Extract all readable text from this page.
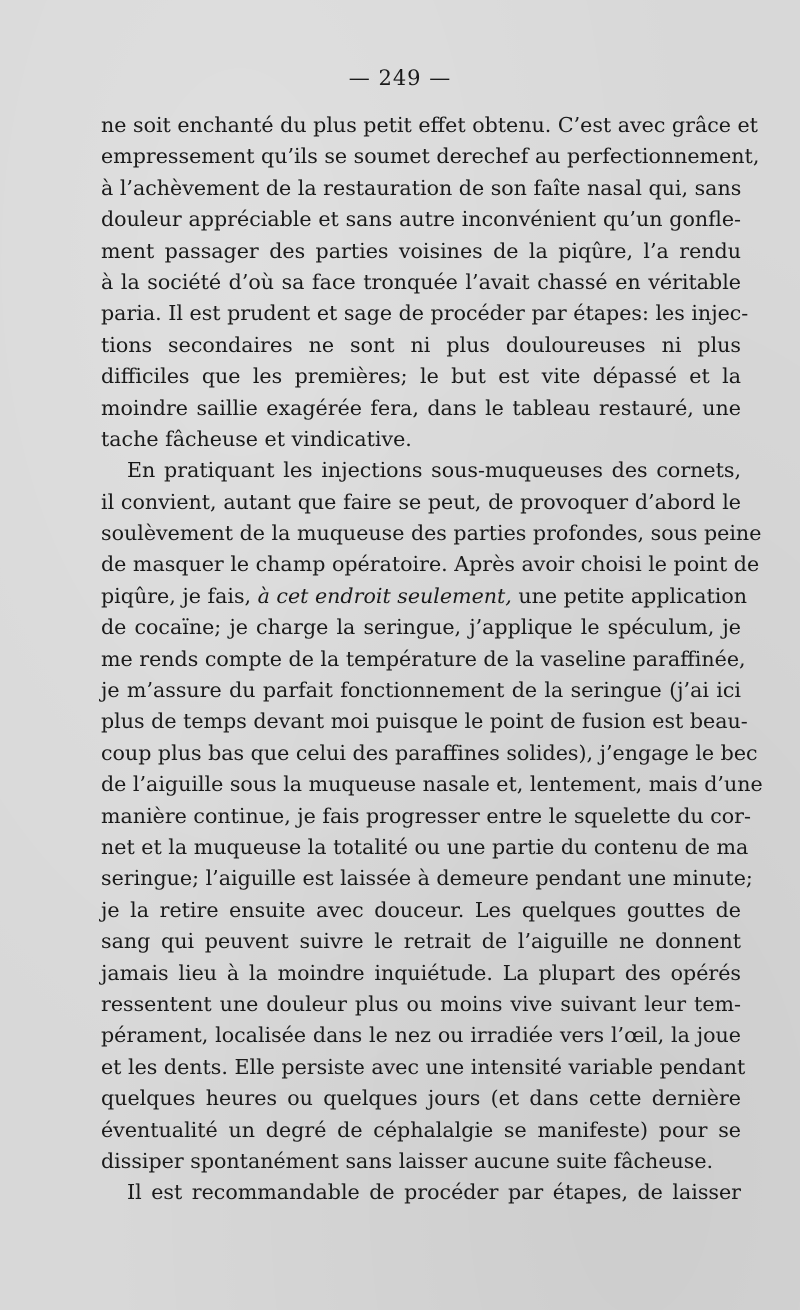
— 249 —
ne soit enchanté du plus petit effet obtenu. C’est avec grâce et
empressement qu’ils se soumet derechef au perfectionnement,
à l’achèvement de la restauration de son faîte nasal qui, sans
douleur appréciable et sans autre inconvénient qu’un gonfle-
ment passager des parties voisines de la piqûre, l’a rendu
à la société d’où sa face tronquée l’avait chassé en véritable
paria. Il est prudent et sage de procéder par étapes: les injec-
tions secondaires ne sont ni plus douloureuses ni plus
difficiles que les premières; le but est vite dépassé et la
moindre saillie exagérée fera, dans le tableau restauré, une
tache fâcheuse et vindicative.
En pratiquant les injections sous-muqueuses des cornets,
il convient, autant que faire se peut, de provoquer d’abord le
soulèvement de la muqueuse des parties profondes, sous peine
de masquer le champ opératoire. Après avoir choisi le point de
piqûre, je fais, à cet endroit seulement, une petite application
de cocaïne; je charge la seringue, j’applique le spéculum, je
me rends compte de la température de la vaseline paraffinée,
je m’assure du parfait fonctionnement de la seringue (j’ai ici
plus de temps devant moi puisque le point de fusion est beau-
coup plus bas que celui des paraffines solides), j’engage le bec
de l’aiguille sous la muqueuse nasale et, lentement, mais d’une
manière continue, je fais progresser entre le squelette du cor-
net et la muqueuse la totalité ou une partie du contenu de ma
seringue; l’aiguille est laissée à demeure pendant une minute;
je la retire ensuite avec douceur. Les quelques gouttes de
sang qui peuvent suivre le retrait de l’aiguille ne donnent
jamais lieu à la moindre inquiétude. La plupart des opérés
ressentent une douleur plus ou moins vive suivant leur tem-
pérament, localisée dans le nez ou irradiée vers l’œil, la joue
et les dents. Elle persiste avec une intensité variable pendant
quelques heures ou quelques jours (et dans cette dernière
éventualité un degré de céphalalgie se manifeste) pour se
dissiper spontanément sans laisser aucune suite fâcheuse.
Il est recommandable de procéder par étapes, de laisser
